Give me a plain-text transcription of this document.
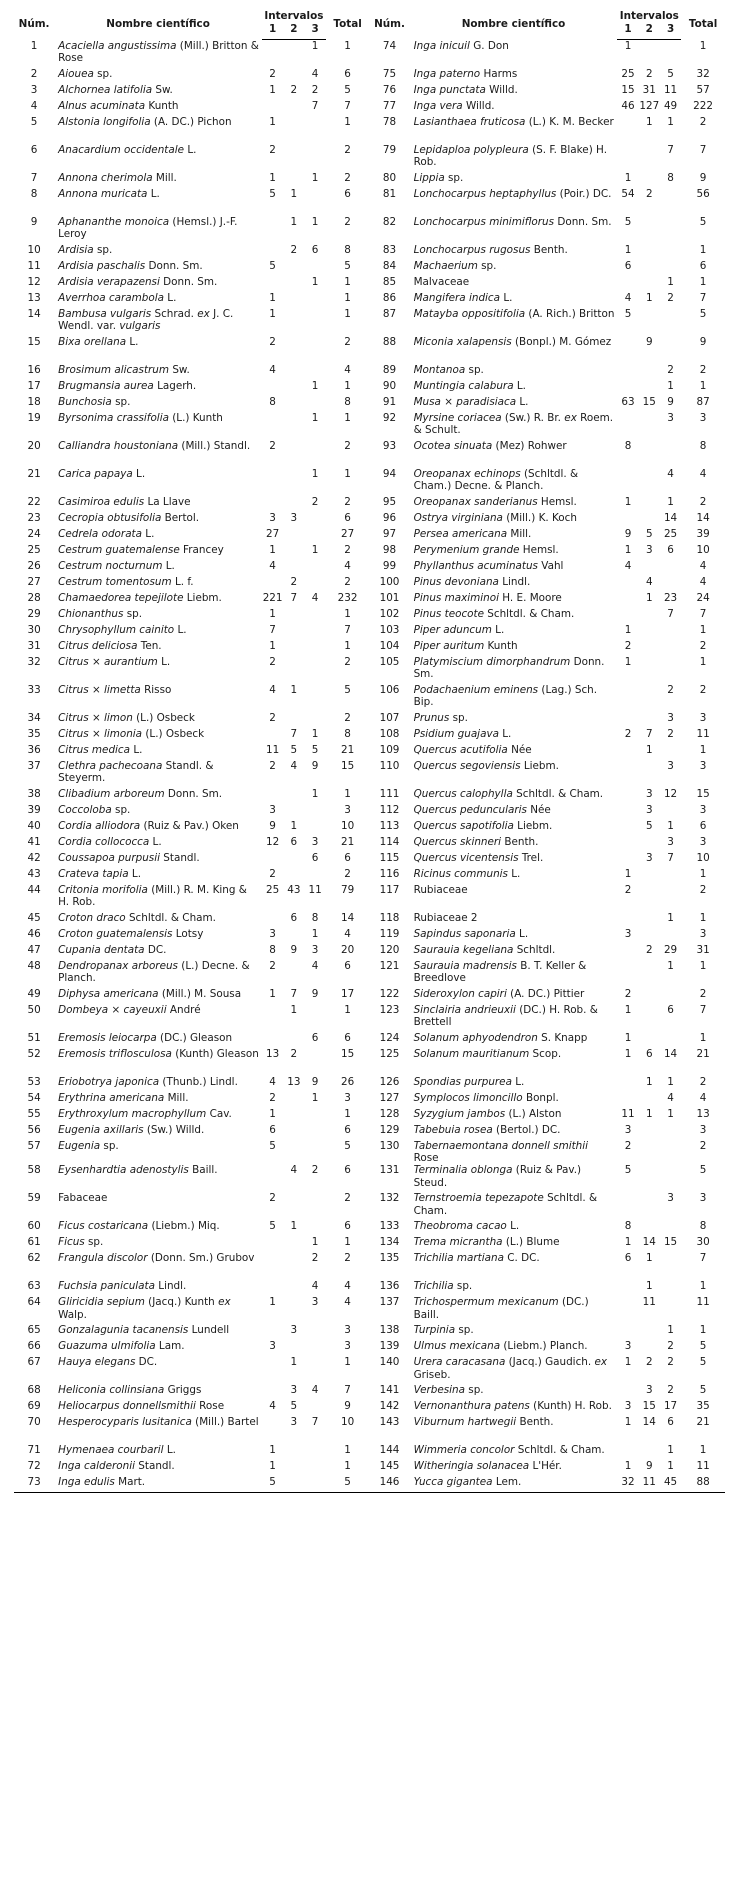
Núm.	Nombre científico	Intervalos			Total	Núm.	Nombre científico	Intervalos			Total
		1	2	3				1	2	3	
1	Acaciella angustissima (Mill.) Britton & Rose			1	1	74	Inga inicuil G. Don	1			1
2	Aiouea sp.	2		4	6	75	Inga paterno Harms	25	2	5	32
3	Alchornea latifolia Sw.	1	2	2	5	76	Inga punctata Willd.	15	31	11	57
4	Alnus acuminata Kunth			7	7	77	Inga vera Willd.	46	127	49	222
5	Alstonia longifolia (A. DC.) Pichon	1			1	78	Lasianthaea fruticosa (L.) K. M. Becker		1	1	2
6	Anacardium occidentale L.	2			2	79	Lepidaploa polypleura (S. F. Blake) H. Rob.			7	7
7	Annona cherimola Mill.	1		1	2	80	Lippia sp.	1		8	9
8	Annona muricata L.	5	1		6	81	Lonchocarpus heptaphyllus (Poir.) DC.	54	2		56
9	Aphananthe monoica (Hemsl.) J.-F. Leroy		1	1	2	82	Lonchocarpus minimiflorus Donn. Sm.	5			5
10	Ardisia sp.		2	6	8	83	Lonchocarpus rugosus Benth.	1			1
11	Ardisia paschalis Donn. Sm.	5			5	84	Machaerium sp.	6			6
12	Ardisia verapazensi Donn. Sm.			1	1	85	Malvaceae			1	1
13	Averrhoa carambola L.	1			1	86	Mangifera indica L.	4	1	2	7
14	Bambusa vulgaris Schrad. ex J. C. Wendl. var. vulgaris	1			1	87	Matayba oppositifolia (A. Rich.) Britton	5			5
15	Bixa orellana L.	2			2	88	Miconia xalapensis (Bonpl.) M. Gómez		9		9
16	Brosimum alicastrum Sw.	4			4	89	Montanoa sp.			2	2
17	Brugmansia aurea Lagerh.			1	1	90	Muntingia calabura L.			1	1
18	Bunchosia sp.	8			8	91	Musa × paradisiaca L.	63	15	9	87
19	Byrsonima crassifolia (L.) Kunth			1	1	92	Myrsine coriacea (Sw.) R. Br. ex Roem. & Schult.			3	3
20	Calliandra houstoniana (Mill.) Standl.	2			2	93	Ocotea sinuata (Mez) Rohwer	8			8
21	Carica papaya L.			1	1	94	Oreopanax echinops (Schltdl. & Cham.) Decne. & Planch.			4	4
22	Casimiroa edulis La Llave			2	2	95	Oreopanax sanderianus Hemsl.	1		1	2
23	Cecropia obtusifolia Bertol.	3	3		6	96	Ostrya virginiana (Mill.) K. Koch			14	14
24	Cedrela odorata L.	27			27	97	Persea americana Mill.	9	5	25	39
25	Cestrum guatemalense Francey	1		1	2	98	Perymenium grande Hemsl.	1	3	6	10
26	Cestrum nocturnum L.	4			4	99	Phyllanthus acuminatus Vahl	4			4
27	Cestrum tomentosum L. f.		2		2	100	Pinus devoniana Lindl.		4		4
28	Chamaedorea tepejilote Liebm.	221	7	4	232	101	Pinus maximinoi H. E. Moore		1	23	24
29	Chionanthus sp.	1			1	102	Pinus teocote Schltdl. & Cham.			7	7
30	Chrysophyllum cainito L.	7			7	103	Piper aduncum L.	1			1
31	Citrus deliciosa Ten.	1			1	104	Piper auritum Kunth	2			2
32	Citrus × aurantium L.	2			2	105	Platymiscium dimorphandrum Donn. Sm.	1			1
33	Citrus × limetta Risso	4	1		5	106	Podachaenium eminens (Lag.) Sch. Bip.			2	2
34	Citrus × limon (L.) Osbeck	2			2	107	Prunus sp.			3	3
35	Citrus × limonia (L.) Osbeck		7	1	8	108	Psidium guajava L.	2	7	2	11
36	Citrus medica L.	11	5	5	21	109	Quercus acutifolia Née		1		1
37	Clethra pachecoana Standl. & Steyerm.	2	4	9	15	110	Quercus segoviensis Liebm.			3	3
38	Clibadium arboreum Donn. Sm.			1	1	111	Quercus calophylla Schltdl. & Cham.		3	12	15
39	Coccoloba sp.	3			3	112	Quercus peduncularis Née		3		3
40	Cordia alliodora (Ruiz & Pav.) Oken	9	1		10	113	Quercus sapotifolia Liebm.		5	1	6
41	Cordia collococca L.	12	6	3	21	114	Quercus skinneri Benth.			3	3
42	Coussapoa purpusii Standl.			6	6	115	Quercus vicentensis Trel.		3	7	10
43	Crateva tapia L.	2			2	116	Ricinus communis L.	1			1
44	Critonia morifolia (Mill.) R. M. King & H. Rob.	25	43	11	79	117	Rubiaceae	2			2
45	Croton draco Schltdl. & Cham.		6	8	14	118	Rubiaceae 2			1	1
46	Croton guatemalensis Lotsy	3		1	4	119	Sapindus saponaria L.	3			3
47	Cupania dentata DC.	8	9	3	20	120	Saurauia kegeliana Schltdl.		2	29	31
48	Dendropanax arboreus (L.) Decne. & Planch.	2		4	6	121	Saurauia madrensis B. T. Keller & Breedlove			1	1
49	Diphysa americana (Mill.) M. Sousa	1	7	9	17	122	Sideroxylon capiri (A. DC.) Pittier	2			2
50	Dombeya × cayeuxii André		1		1	123	Sinclairia andrieuxii (DC.) H. Rob. & Brettell	1		6	7
51	Eremosis leiocarpa (DC.) Gleason			6	6	124	Solanum aphyodendron S. Knapp	1			1
52	Eremosis triflosculosa (Kunth) Gleason	13	2		15	125	Solanum mauritianum Scop.	1	6	14	21
53	Eriobotrya japonica (Thunb.) Lindl.	4	13	9	26	126	Spondias purpurea L.		1	1	2
54	Erythrina americana Mill.	2		1	3	127	Symplocos limoncillo Bonpl.			4	4
55	Erythroxylum macrophyllum Cav.	1			1	128	Syzygium jambos (L.) Alston	11	1	1	13
56	Eugenia axillaris (Sw.) Willd.	6			6	129	Tabebuia rosea (Bertol.) DC.	3			3
57	Eugenia sp.	5			5	130	Tabernaemontana donnell smithii Rose	2			2
58	Eysenhardtia adenostylis Baill.		4	2	6	131	Terminalia oblonga (Ruiz & Pav.) Steud.	5			5
59	Fabaceae	2			2	132	Ternstroemia tepezapote Schltdl. & Cham.			3	3
60	Ficus costaricana (Liebm.) Miq.	5	1		6	133	Theobroma cacao L.	8			8
61	Ficus sp.			1	1	134	Trema micrantha (L.) Blume	1	14	15	30
62	Frangula discolor (Donn. Sm.) Grubov			2	2	135	Trichilia martiana C. DC.	6	1		7
63	Fuchsia paniculata Lindl.			4	4	136	Trichilia sp.		1		1
64	Gliricidia sepium (Jacq.) Kunth ex Walp.	1		3	4	137	Trichospermum mexicanum (DC.) Baill.		11		11
65	Gonzalagunia tacanensis Lundell		3		3	138	Turpinia sp.			1	1
66	Guazuma ulmifolia Lam.	3			3	139	Ulmus mexicana (Liebm.) Planch.	3		2	5
67	Hauya elegans DC.		1		1	140	Urera caracasana (Jacq.) Gaudich. ex Griseb.	1	2	2	5
68	Heliconia collinsiana Griggs		3	4	7	141	Verbesina sp.		3	2	5
69	Heliocarpus donnellsmithii Rose	4	5		9	142	Vernonanthura patens (Kunth) H. Rob.	3	15	17	35
70	Hesperocyparis lusitanica (Mill.) Bartel		3	7	10	143	Viburnum hartwegii Benth.	1	14	6	21
71	Hymenaea courbaril L.	1			1	144	Wimmeria concolor Schltdl. & Cham.			1	1
72	Inga calderonii Standl.	1			1	145	Witheringia solanacea L'Hér.	1	9	1	11
73	Inga edulis Mart.	5			5	146	Yucca gigantea Lem.	32	11	45	88
